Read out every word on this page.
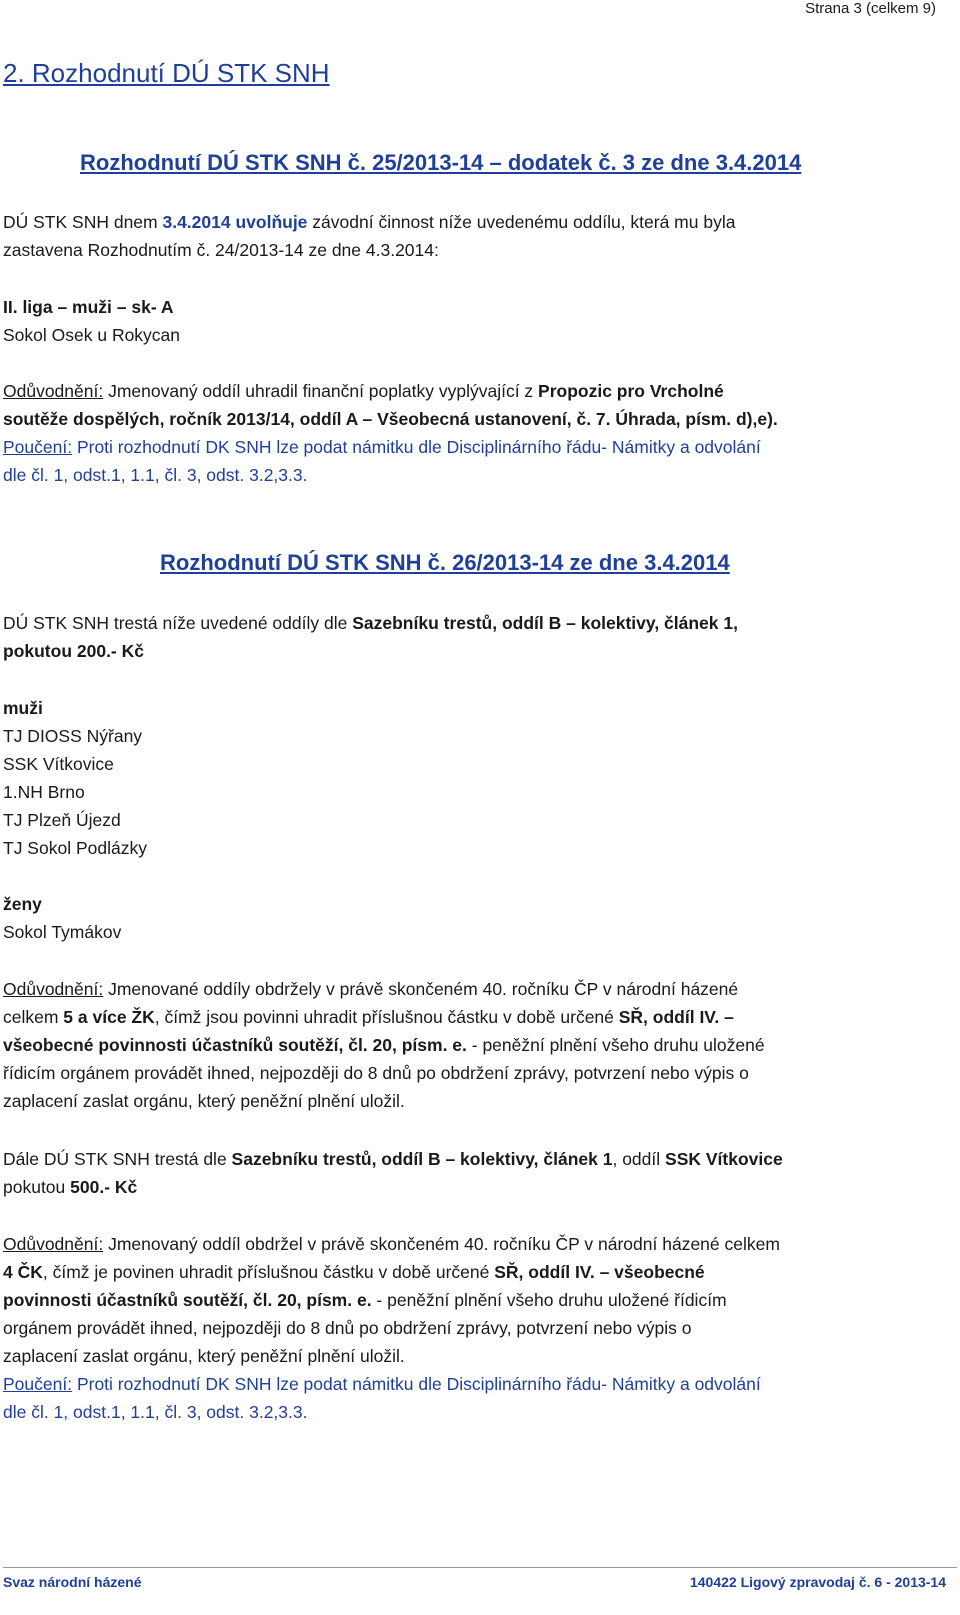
Strana 3 (celkem 9)
2. Rozhodnutí DÚ STK SNH
Rozhodnutí DÚ STK SNH č. 25/2013-14 – dodatek č. 3 ze dne 3.4.2014
DÚ STK SNH dnem 3.4.2014 uvolňuje závodní činnost níže uvedenému oddílu, která mu byla
zastavena Rozhodnutím č. 24/2013-14 ze dne 4.3.2014:
II. liga – muži – sk- A
Sokol Osek u Rokycan
Odůvodnění: Jmenovaný oddíl uhradil finanční poplatky vyplývající z Propozic pro Vrcholné
soutěže dospělých, ročník 2013/14, oddíl A – Všeobecná ustanovení, č. 7. Úhrada, písm. d),e).
Poučení: Proti rozhodnutí DK SNH lze podat námitku dle Disciplinárního řádu- Námitky a odvolání
dle čl. 1, odst.1, 1.1, čl. 3, odst. 3.2,3.3.
Rozhodnutí DÚ STK SNH č. 26/2013-14 ze dne 3.4.2014
DÚ STK SNH trestá níže uvedené oddíly dle Sazebníku trestů, oddíl B – kolektivy, článek 1,
pokutou 200.- Kč
muži
TJ DIOSS Nýřany
SSK Vítkovice
1.NH Brno
TJ Plzeň Újezd
TJ Sokol Podlázky
ženy
Sokol Tymákov
Odůvodnění: Jmenované oddíly obdržely v právě skončeném 40. ročníku ČP v národní házené
celkem 5 a více ŽK, čímž jsou povinni uhradit příslušnou částku v době určené SŘ, oddíl IV. –
všeobecné povinnosti účastníků soutěží, čl. 20, písm. e. - peněžní plnění všeho druhu uložené
řídicím orgánem provádět ihned, nejpozději do 8 dnů po obdržení zprávy, potvrzení nebo výpis o
zaplacení zaslat orgánu, který peněžní plnění uložil.
Dále DÚ STK SNH trestá dle Sazebníku trestů, oddíl B – kolektivy, článek 1, oddíl SSK Vítkovice
pokutou 500.- Kč
Odůvodnění: Jmenovaný oddíl obdržel v právě skončeném 40. ročníku ČP v národní házené celkem
4 ČK, čímž je povinen uhradit příslušnou částku v době určené SŘ, oddíl IV. – všeobecné
povinnosti účastníků soutěží, čl. 20, písm. e. - peněžní plnění všeho druhu uložené řídicím
orgánem provádět ihned, nejpozději do 8 dnů po obdržení zprávy, potvrzení nebo výpis o
zaplacení zaslat orgánu, který peněžní plnění uložil.
Poučení: Proti rozhodnutí DK SNH lze podat námitku dle Disciplinárního řádu- Námitky a odvolání
dle čl. 1, odst.1, 1.1, čl. 3, odst. 3.2,3.3.
Svaz národní házené	140422 Ligový zpravodaj č. 6 - 2013-14
